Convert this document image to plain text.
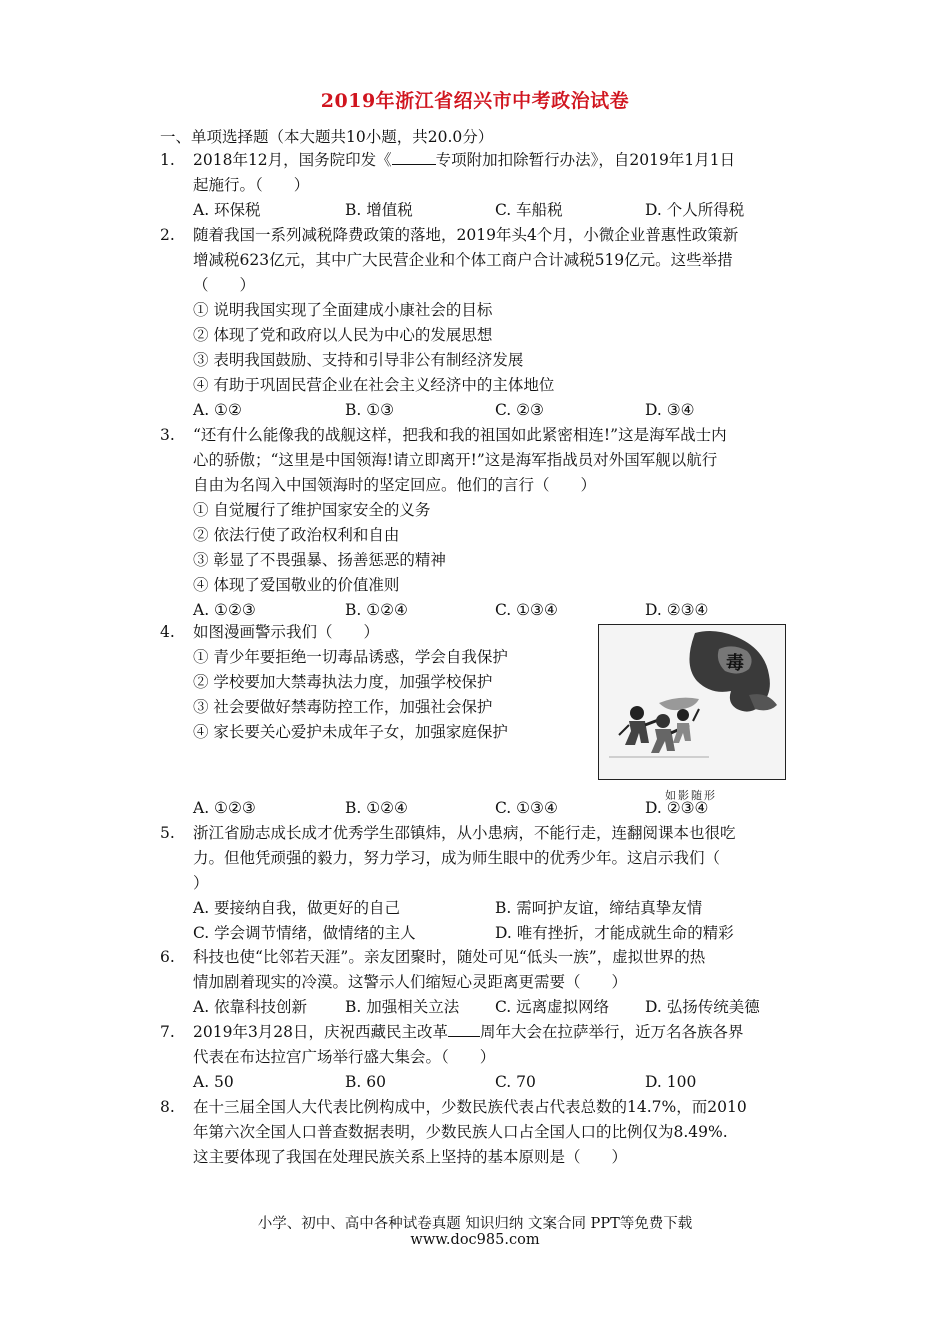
2019年浙江省绍兴市中考政治试卷
一、单项选择题（本大题共10小题，共20.0分）
1. 2018年12月，国务院印发《	专项附加扣除暂行办法》，自2019年1月1日
起施行。（　　）
A. 环保税	B. 增值税	C. 车船税	D. 个人所得税
2. 随着我国一系列减税降费政策的落地，2019年头4个月，小微企业普惠性政策新
增减税623亿元，其中广大民营企业和个体工商户合计减税519亿元。这些举措
（　　）
① 说明我国实现了全面建成小康社会的目标
② 体现了党和政府以人民为中心的发展思想
③ 表明我国鼓励、支持和引导非公有制经济发展
④ 有助于巩固民营企业在社会主义经济中的主体地位
A. ①②	B. ①③	C. ②③	D. ③④
3. “还有什么能像我的战舰这样，把我和我的祖国如此紧密相连!”这是海军战士内
心的骄傲；“这里是中国领海!请立即离开!”这是海军指战员对外国军舰以航行
自由为名闯入中国领海时的坚定回应。他们的言行（　　）
① 自觉履行了维护国家安全的义务
② 依法行使了政治权利和自由
③ 彰显了不畏强暴、扬善惩恶的精神
④ 体现了爱国敬业的价值准则
A. ①②③	B. ①②④	C. ①③④	D. ②③④
4. 如图漫画警示我们（　　）
① 青少年要拒绝一切毒品诱惑，学会自我保护
② 学校要加大禁毒执法力度，加强学校保护
③ 社会要做好禁毒防控工作，加强社会保护
④ 家长要关心爱护未成年子女，加强家庭保护
毒
如影随形
A. ①②③	B. ①②④	C. ①③④	D. ②③④
5. 浙江省励志成长成才优秀学生邵镇炜，从小患病，不能行走，连翻阅课本也很吃
力。但他凭顽强的毅力，努力学习，成为师生眼中的优秀少年。这启示我们（
）
A. 要接纳自我，做更好的自己	B. 需呵护友谊，缔结真挚友情
C. 学会调节情绪，做情绪的主人	D. 唯有挫折，才能成就生命的精彩
6. 科技也使“比邻若天涯”。亲友团聚时，随处可见“低头一族”，虚拟世界的热
情加剧着现实的冷漠。这警示人们缩短心灵距离更需要（　　）
A. 依靠科技创新 B. 加强相关立法 C. 远离虚拟网络 D. 弘扬传统美德
7. 2019年3月28日，庆祝西藏民主改革 周年大会在拉萨举行，近万名各族各界
代表在布达拉宫广场举行盛大集会。（　　）
A. 50	B. 60	C. 70	D. 100
8. 在十三届全国人大代表比例构成中，少数民族代表占代表总数的14.7%，而2010
年第六次全国人口普查数据表明，少数民族人口占全国人口的比例仅为8.49%.
这主要体现了我国在处理民族关系上坚持的基本原则是（　　）
小学、初中、高中各种试卷真题 知识归纳 文案合同 PPT等免费下载
www.doc985.com
